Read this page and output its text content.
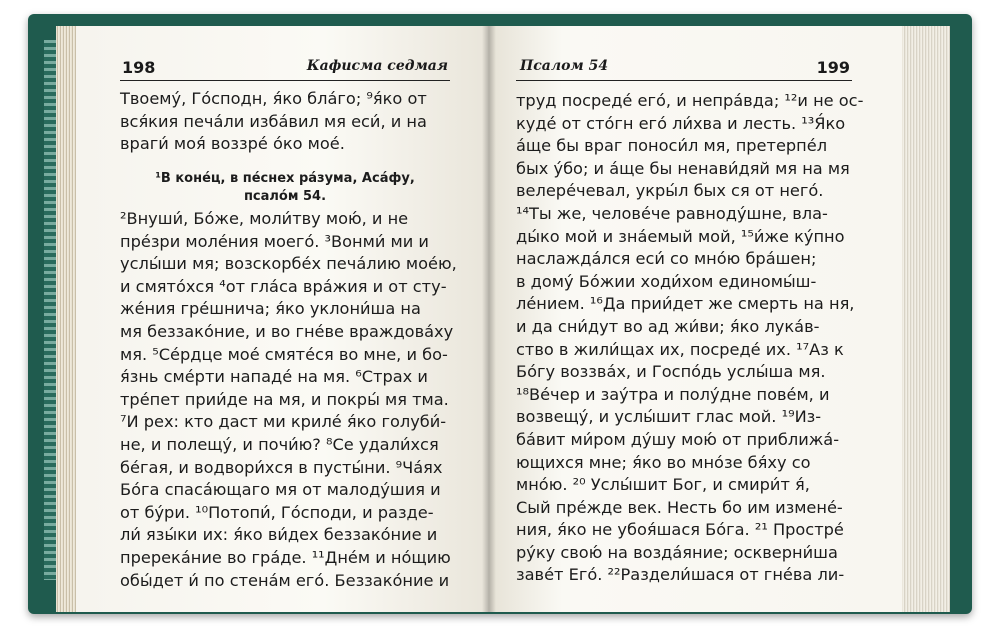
198	Кафисма седмая
Твоему́, Го́сподн, я́ко бла́го; ⁹я́ко от
вся́кия печа́ли изба́вил мя еси́, и на
враги́ моя́ воззре́ о́ко мое́.
¹В коне́ц, в пе́снех ра́зума, Аса́фу,
псало́м 54.
²Внуши́, Бо́же, моли́тву мою́, и не
пре́зри моле́ния моего́. ³Вонми́ ми и
услы́ши мя; возскорбе́х печа́лию мое́ю,
и смято́хся ⁴от гла́са вра́жия и от сту-
же́ния гре́шнича; я́ко уклони́ша на
мя беззако́ние, и во гне́ве враждова́ху
мя. ⁵Се́рдце мое́ смяте́ся во мне, и бо-
я́знь сме́рти нападе́ на мя. ⁶Страх и
тре́пет прии́де на мя, и покры́ мя тма.
⁷И рех: кто даст ми криле́ я́ко голуби́-
не, и полещу́, и почи́ю? ⁸Се удали́хся
бе́гая, и водвори́хся в пусты́ни. ⁹Ча́ях
Бо́га спаса́ющаго мя от малоду́шия и
от бу́ри. ¹⁰Потопи́, Го́споди, и разде-
ли́ язы́ки их: я́ко ви́дех беззако́ние и
пререка́ние во гра́де. ¹¹Дне́м и но́щию
обы́дет и́ по стена́м его́. Беззако́ние и
Псалом 54	199
труд посреде́ его́, и непра́вда; ¹²и не ос-
куде́ от сто́гн его́ ли́хва и лесть. ¹³Я́ко
а́ще бы враг поноси́л мя, претерпе́л
бых у́бо; и а́ще бы ненави́дяй мя на мя
велере́чевал, укры́л бых ся от него́.
¹⁴Ты же, челове́че равноду́шне, вла-
ды́ко мой и зна́емый мой, ¹⁵и́же ку́пно
наслажда́лся еси́ со мно́ю бра́шен;
в дому́ Бо́жии ходи́хом единомы́ш-
ле́нием. ¹⁶Да прии́дет же смерть на ня,
и да сни́дут во ад жи́ви; я́ко лука́в-
ство в жили́щах их, посреде́ их. ¹⁷Аз к
Бо́гу воззва́х, и Госпо́дь услы́ша мя.
¹⁸Ве́чер и зау́тра и полу́дне пове́м, и
возвещу́, и услы́шит глас мой. ¹⁹Из-
ба́вит ми́ром ду́шу мою́ от приближа́-
ющихся мне; я́ко во мно́зе бя́ху со
мно́ю. ²⁰ Услы́шит Бог, и смири́т я́,
Сый пре́жде век. Несть бо им измене́-
ния, я́ко не убоя́шася Бо́га. ²¹ Простре́
ру́ку свою́ на возда́яние; оскверни́ша
заве́т Его́. ²²Раздели́шася от гне́ва ли-
